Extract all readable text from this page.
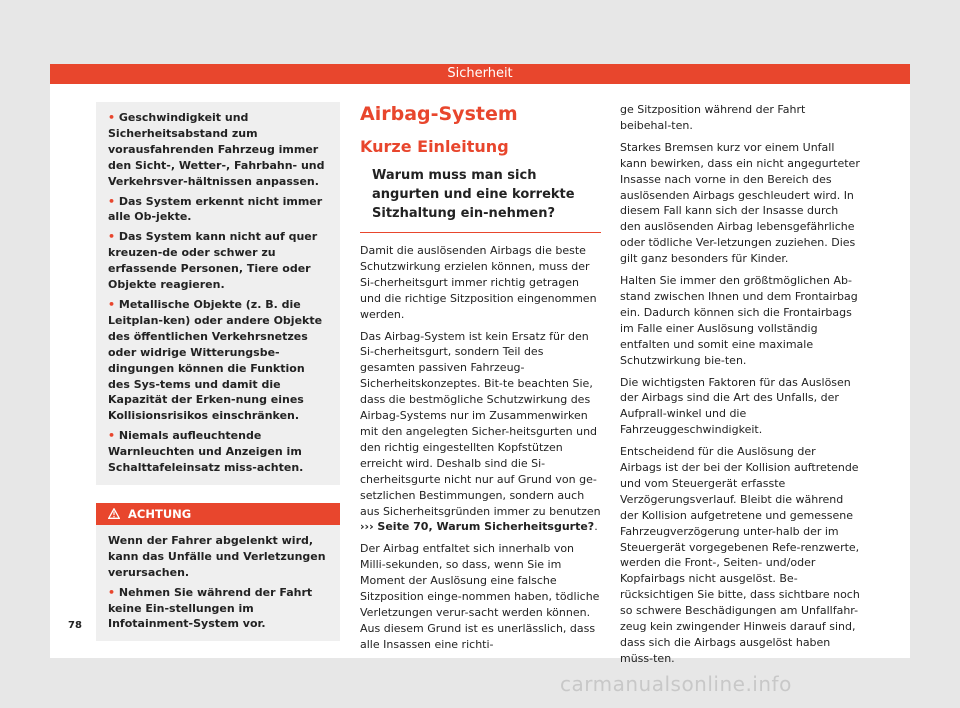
Sicherheit

• Geschwindigkeit und Sicherheitsabstand zum vorausfahrenden Fahrzeug immer den Sicht-, Wetter-, Fahrbahn- und Verkehrsver-hältnissen anpassen.

• Das System erkennt nicht immer alle Ob-jekte.

• Das System kann nicht auf quer kreuzen-de oder schwer zu erfassende Personen, Tiere oder Objekte reagieren.

• Metallische Objekte (z. B. die Leitplan-ken) oder andere Objekte des öffentlichen Verkehrsnetzes oder widrige Witterungsbe-dingungen können die Funktion des Sys-tems und damit die Kapazität der Erken-nung eines Kollisionsrisikos einschränken.

• Niemals aufleuchtende Warnleuchten und Anzeigen im Schalttafeleinsatz miss-achten.

ACHTUNG

Wenn der Fahrer abgelenkt wird, kann das Unfälle und Verletzungen verursachen.

• Nehmen Sie während der Fahrt keine Ein-stellungen im Infotainment-System vor.

Airbag-System
Kurze Einleitung
Warum muss man sich angurten und eine korrekte Sitzhaltung ein-nehmen?

Damit die auslösenden Airbags die beste Schutzwirkung erzielen können, muss der Si-cherheitsgurt immer richtig getragen und die richtige Sitzposition eingenommen werden.

Das Airbag-System ist kein Ersatz für den Si-cherheitsgurt, sondern Teil des gesamten passiven Fahrzeug-Sicherheitskonzeptes. Bit-te beachten Sie, dass die bestmögliche Schutzwirkung des Airbag-Systems nur im Zusammenwirken mit den angelegten Sicher-heitsgurten und den richtig eingestellten Kopfstützen erreicht wird. Deshalb sind die Si-cherheitsgurte nicht nur auf Grund von ge-setzlichen Bestimmungen, sondern auch aus Sicherheitsgründen immer zu benutzen ››› Seite 70, Warum Sicherheitsgurte?.

Der Airbag entfaltet sich innerhalb von Milli-sekunden, so dass, wenn Sie im Moment der Auslösung eine falsche Sitzposition einge-nommen haben, tödliche Verletzungen verur-sacht werden können. Aus diesem Grund ist es unerlässlich, dass alle Insassen eine richti-

ge Sitzposition während der Fahrt beibehal-ten.

Starkes Bremsen kurz vor einem Unfall kann bewirken, dass ein nicht angegurteter Insasse nach vorne in den Bereich des auslösenden Airbags geschleudert wird. In diesem Fall kann sich der Insasse durch den auslösenden Airbag lebensgefährliche oder tödliche Ver-letzungen zuziehen. Dies gilt ganz besonders für Kinder.

Halten Sie immer den größtmöglichen Ab-stand zwischen Ihnen und dem Frontairbag ein. Dadurch können sich die Frontairbags im Falle einer Auslösung vollständig entfalten und somit eine maximale Schutzwirkung bie-ten.

Die wichtigsten Faktoren für das Auslösen der Airbags sind die Art des Unfalls, der Aufprall-winkel und die Fahrzeuggeschwindigkeit.

Entscheidend für die Auslösung der Airbags ist der bei der Kollision auftretende und vom Steuergerät erfasste Verzögerungsverlauf. Bleibt die während der Kollision aufgetretene und gemessene Fahrzeugverzögerung unter-halb der im Steuergerät vorgegebenen Refe-renzwerte, werden die Front-, Seiten- und/oder Kopfairbags nicht ausgelöst. Be-rücksichtigen Sie bitte, dass sichtbare noch so schwere Beschädigungen am Unfallfahr-zeug kein zwingender Hinweis darauf sind, dass sich die Airbags ausgelöst haben müss-ten.

78
carmanualsonline.info
